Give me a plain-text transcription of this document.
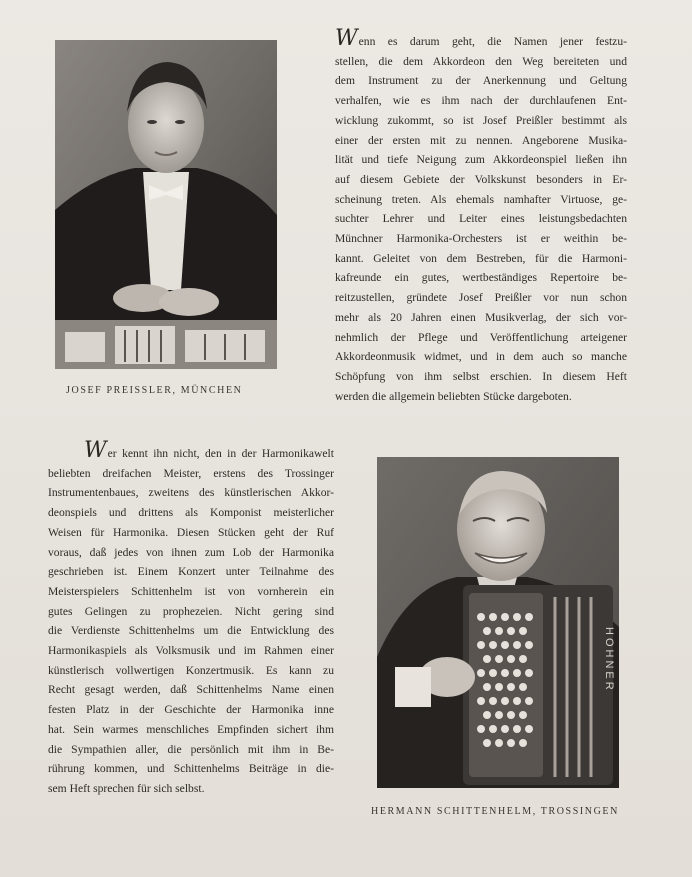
JOSEF PREISSLER, MÜNCHEN
Wenn es darum geht, die Namen jener festzu-
stellen, die dem Akkordeon den Weg bereiteten und
dem Instrument zu der Anerkennung und Geltung
verhalfen, wie es ihm nach der durchlaufenen Ent-
wicklung zukommt, so ist Josef Preißler bestimmt als
einer der ersten mit zu nennen. Angeborene Musika-
lität und tiefe Neigung zum Akkordeonspiel ließen ihn
auf diesem Gebiete der Volkskunst besonders in Er-
scheinung treten. Als ehemals namhafter Virtuose, ge-
suchter Lehrer und Leiter eines leistungsbedachten
Münchner Harmonika-Orchesters ist er weithin be-
kannt. Geleitet von dem Bestreben, für die Harmoni-
kafreunde ein gutes, wertbeständiges Repertoire be-
reitzustellen, gründete Josef Preißler vor nun schon
mehr als 20 Jahren einen Musikverlag, der sich vor-
nehmlich der Pflege und Veröffentlichung arteigener
Akkordeonmusik widmet, und in dem auch so manche
Schöpfung von ihm selbst erschien. In diesem Heft
werden die allgemein beliebten Stücke dargeboten.
Wer kennt ihn nicht, den in der Harmonikawelt
beliebten dreifachen Meister, erstens des Trossinger
Instrumentenbaues, zweitens des künstlerischen Akkor-
deonspiels und drittens als Komponist meisterlicher
Weisen für Harmonika. Diesen Stücken geht der Ruf
voraus, daß jedes von ihnen zum Lob der Harmonika
geschrieben ist. Einem Konzert unter Teilnahme des
Meisterspielers Schittenhelm ist von vornherein ein
gutes Gelingen zu prophezeien. Nicht gering sind
die Verdienste Schittenhelms um die Entwicklung des
Harmonikaspiels als Volksmusik und im Rahmen einer
künstlerisch vollwertigen Konzertmusik. Es kann zu
Recht gesagt werden, daß Schittenhelms Name einen
festen Platz in der Geschichte der Harmonika inne
hat. Sein warmes menschliches Empfinden sichert ihm
die Sympathien aller, die persönlich mit ihm in Be-
rührung kommen, und Schittenhelms Beiträge in die-
sem Heft sprechen für sich selbst.
HOHNER
HERMANN SCHITTENHELM, TROSSINGEN
